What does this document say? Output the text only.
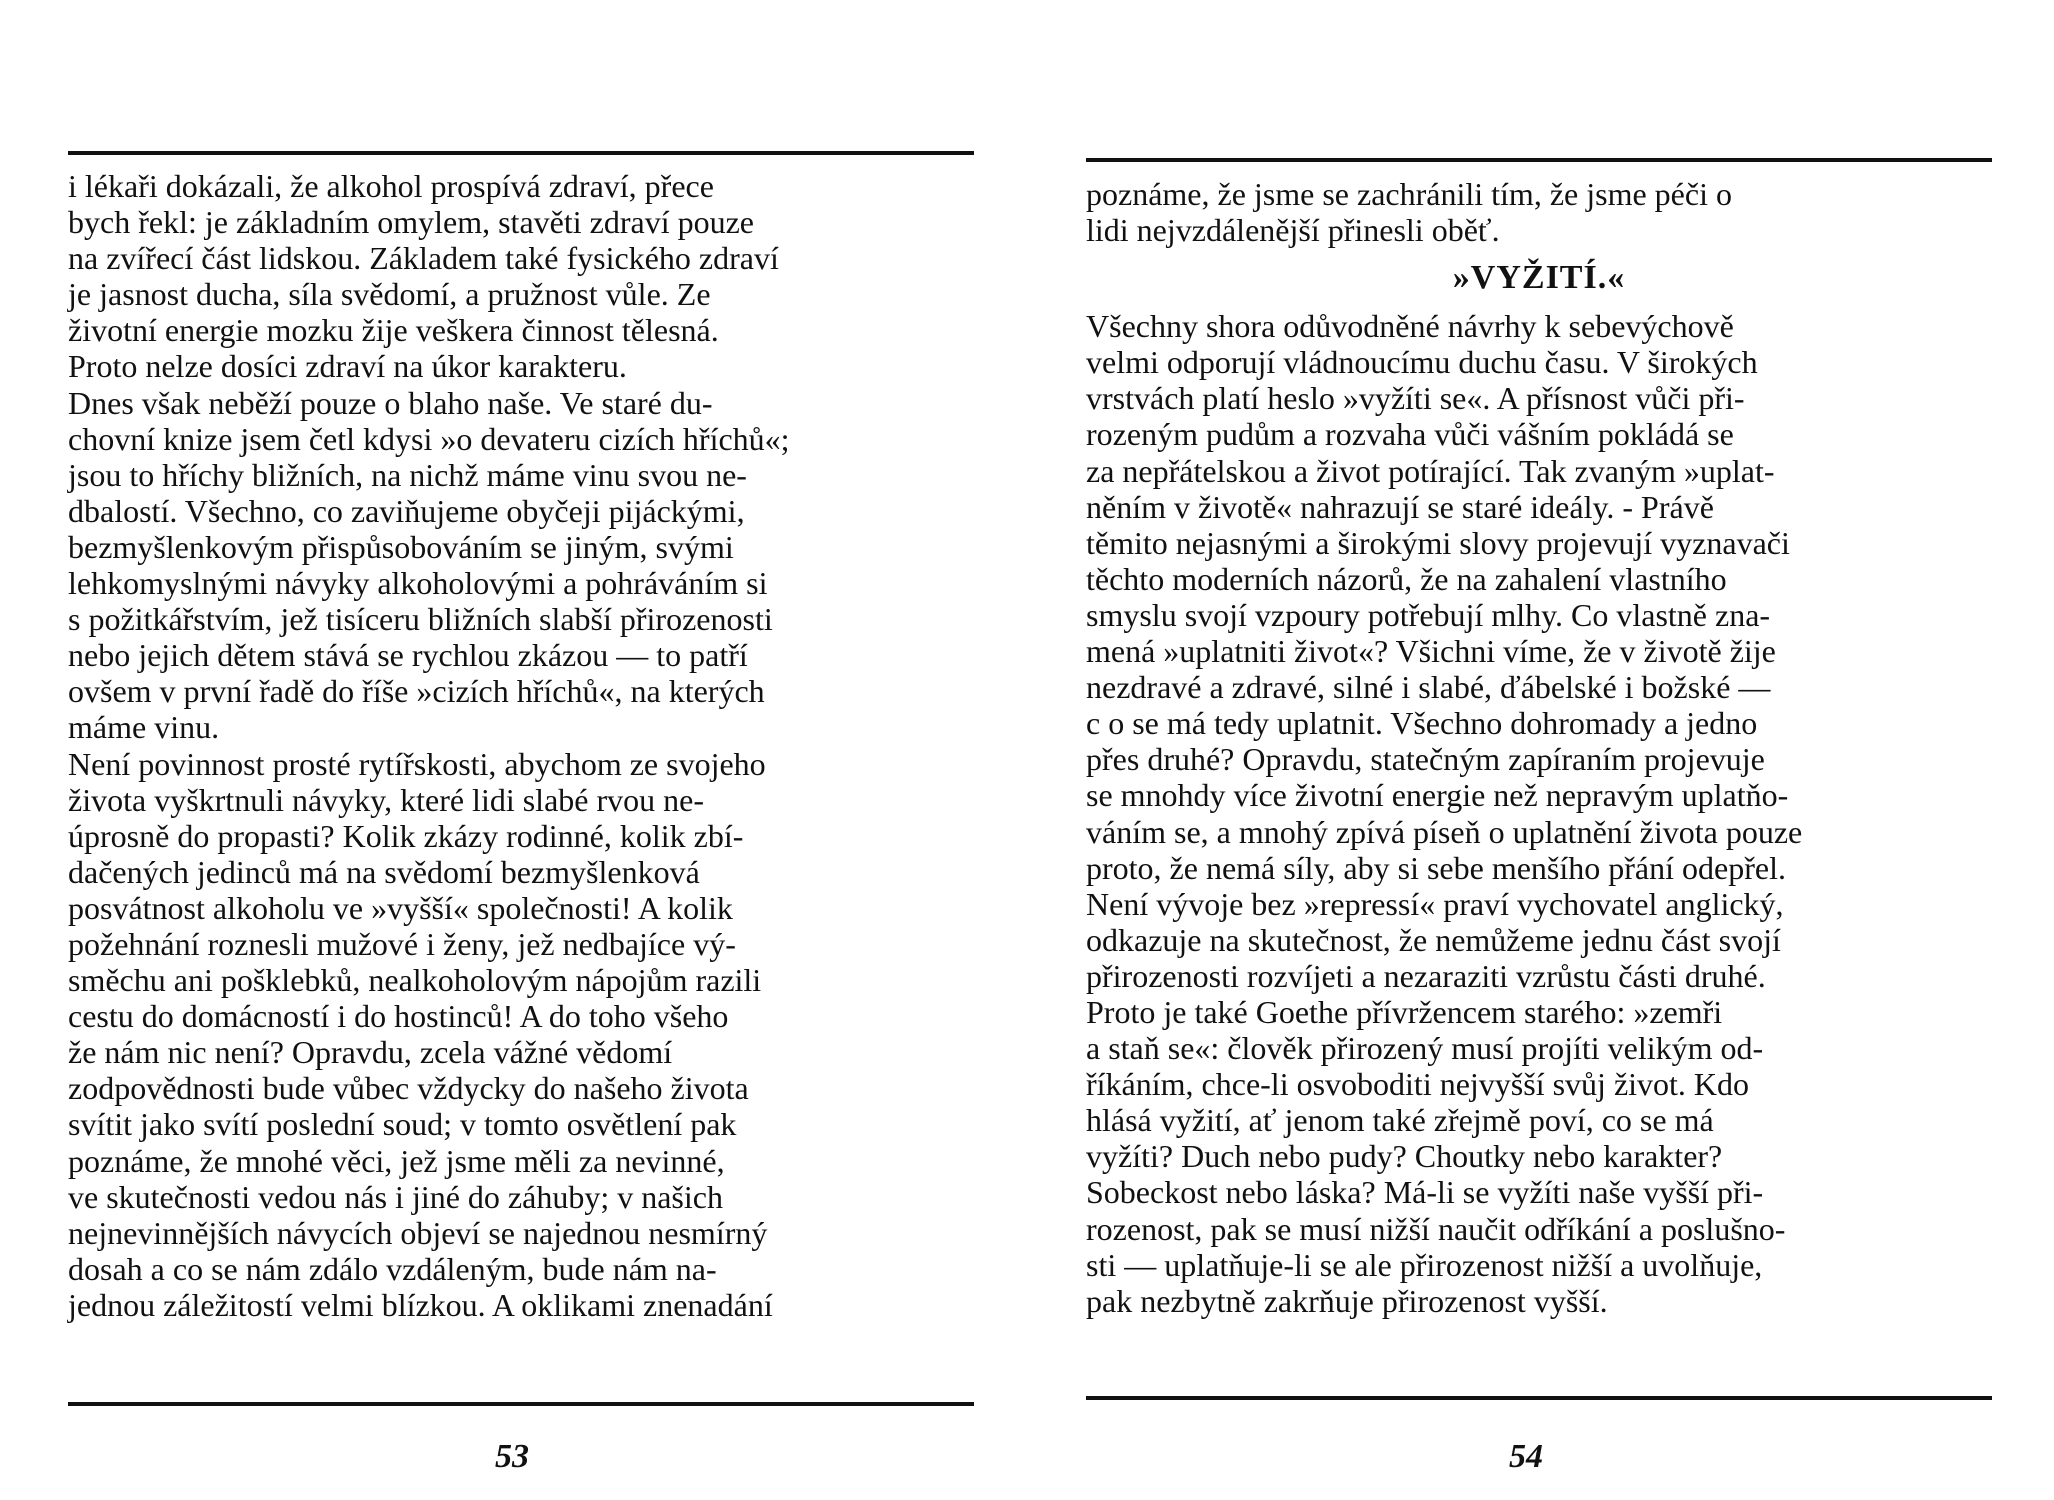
i lékaři dokázali, že alkohol prospívá zdraví, přece
bych řekl: je základním omylem, stavěti zdraví pouze
na zvířecí část lidskou. Základem také fysického zdraví
je jasnost ducha, síla svědomí, a pružnost vůle. Ze
životní energie mozku žije veškera činnost tělesná.
Proto nelze dosíci zdraví na úkor karakteru.
Dnes však neběží pouze o blaho naše. Ve staré du-
chovní knize jsem četl kdysi »o devateru cizích hříchů«;
jsou to hříchy bližních, na nichž máme vinu svou ne-
dbalostí. Všechno, co zaviňujeme obyčeji pijáckými,
bezmyšlenkovým přispůsobováním se jiným, svými
lehkomyslnými návyky alkoholovými a pohráváním si
s požitkářstvím, jež tisíceru bližních slabší přirozenosti
nebo jejich dětem stává se rychlou zkázou — to patří
ovšem v první řadě do říše »cizích hříchů«, na kterých
máme vinu.
Není povinnost prosté rytířskosti, abychom ze svojeho
života vyškrtnuli návyky, které lidi slabé rvou ne-
úprosně do propasti? Kolik zkázy rodinné, kolik zbí-
dačených jedinců má na svědomí bezmyšlenková
posvátnost alkoholu ve »vyšší« společnosti! A kolik
požehnání roznesli mužové i ženy, jež nedbajíce vý-
směchu ani pošklebků, nealkoholovým nápojům razili
cestu do domácností i do hostinců! A do toho všeho
že nám nic není? Opravdu, zcela vážné vědomí
zodpovědnosti bude vůbec vždycky do našeho života
svítit jako svítí poslední soud; v tomto osvětlení pak
poznáme, že mnohé věci, jež jsme měli za nevinné,
ve skutečnosti vedou nás i jiné do záhuby; v našich
nejnevinnějších návycích objeví se najednou nesmírný
dosah a co se nám zdálo vzdáleným, bude nám na-
jednou záležitostí velmi blízkou. A oklikami znenadání
53
poznáme, že jsme se zachránili tím, že jsme péči o
lidi nejvzdálenější přinesli oběť.
»VYŽITÍ.«
Všechny shora odůvodněné návrhy k sebevýchově
velmi odporují vládnoucímu duchu času. V širokých
vrstvách platí heslo »vyžíti se«. A přísnost vůči při-
rozeným pudům a rozvaha vůči vášním pokládá se
za nepřátelskou a život potírající. Tak zvaným »uplat-
něním v životě« nahrazují se staré ideály. - Právě
těmito nejasnými a širokými slovy projevují vyznavači
těchto moderních názorů, že na zahalení vlastního
smyslu svojí vzpoury potřebují mlhy. Co vlastně zna-
mená »uplatniti život«? Všichni víme, že v životě žije
nezdravé a zdravé, silné i slabé, ďábelské i božské —
c o se má tedy uplatnit. Všechno dohromady a jedno
přes druhé? Opravdu, statečným zapíraním projevuje
se mnohdy více životní energie než nepravým uplatňo-
váním se, a mnohý zpívá píseň o uplatnění života pouze
proto, že nemá síly, aby si sebe menšího přání odepřel.
Není vývoje bez »repressí« praví vychovatel anglický,
odkazuje na skutečnost, že nemůžeme jednu část svojí
přirozenosti rozvíjeti a nezaraziti vzrůstu části druhé.
Proto je také Goethe přívržencem starého: »zemři
a staň se«: člověk přirozený musí projíti velikým od-
říkáním, chce-li osvoboditi nejvyšší svůj život. Kdo
hlásá vyžití, ať jenom také zřejmě poví, co se má
vyžíti? Duch nebo pudy? Choutky nebo karakter?
Sobeckost nebo láska? Má-li se vyžíti naše vyšší při-
rozenost, pak se musí nižší naučit odříkání a poslušno-
sti — uplatňuje-li se ale přirozenost nižší a uvolňuje,
pak nezbytně zakrňuje přirozenost vyšší.
54
